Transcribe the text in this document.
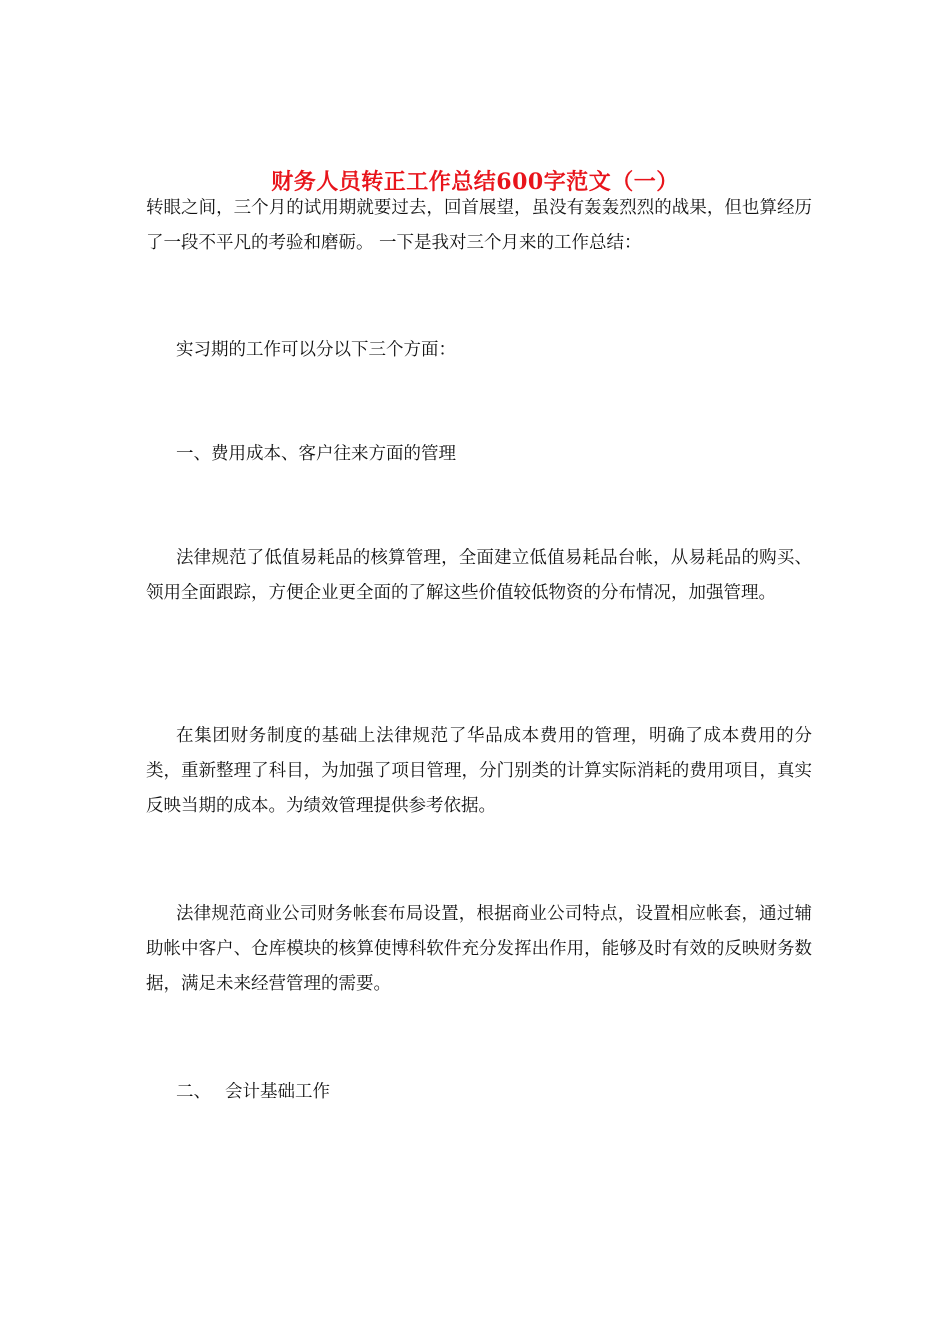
财务人员转正工作总结600字范文（一）

转眼之间，三个月的试用期就要过去，回首展望，虽没有轰轰烈烈的战果，但也算经历了一段不平凡的考验和磨砺。 一下是我对三个月来的工作总结：

实习期的工作可以分以下三个方面：

一、费用成本、客户往来方面的管理

法律规范了低值易耗品的核算管理，全面建立低值易耗品台帐，从易耗品的购买、领用全面跟踪，方便企业更全面的了解这些价值较低物资的分布情况，加强管理。

在集团财务制度的基础上法律规范了华品成本费用的管理，明确了成本费用的分类，重新整理了科目，为加强了项目管理，分门别类的计算实际消耗的费用项目，真实反映当期的成本。为绩效管理提供参考依据。

法律规范商业公司财务帐套布局设置，根据商业公司特点，设置相应帐套，通过辅助帐中客户、仓库模块的核算使博科软件充分发挥出作用，能够及时有效的反映财务数据，满足未来经营管理的需要。

二、 会计基础工作
